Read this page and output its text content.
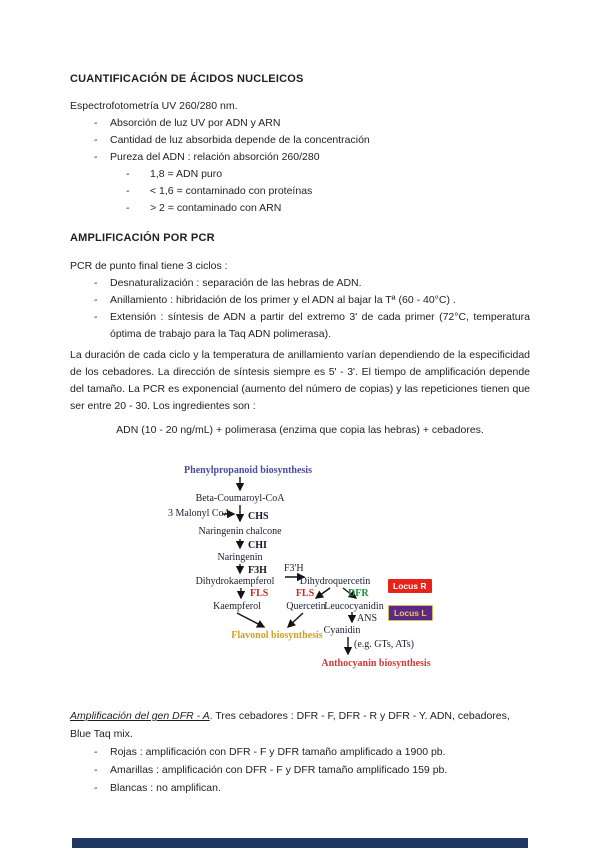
CUANTIFICACIÓN DE ÁCIDOS NUCLEICOS
Espectrofotometría UV 260/280 nm.
-	Absorción de luz UV por ADN y ARN
-	Cantidad de luz absorbida depende de la concentración
-	Pureza del ADN : relación absorción 260/280
-	1,8 = ADN puro
-	< 1,6 = contaminado con proteínas
-	> 2 = contaminado con ARN
AMPLIFICACIÓN POR PCR
PCR de punto final tiene 3 ciclos :
-	Desnaturalización : separación de las hebras de ADN.
-	Anillamiento : hibridación de los primer y el ADN al bajar la Tª (60 - 40°C) .
-	Extensión : síntesis de ADN a partir del extremo 3' de cada primer (72°C, temperatura óptima de trabajo para la Taq ADN polimerasa).
La duración de cada ciclo y la temperatura de anillamiento varían dependiendo de la especificidad de los cebadores. La dirección de síntesis siempre es 5' - 3'. El tiempo de amplificación depende del tamaño. La PCR es exponencial (aumento del número de copias) y las repeticiones tienen que ser entre 20 - 30. Los ingredientes son :
ADN (10 - 20 ng/mL) + polimerasa (enzima que copia las hebras) + cebadores.
Phenylpropanoid biosynthesis
Beta-Coumaroyl-CoA
3 Malonyl CoA CHS
Naringenin chalcone
CHI
Naringenin
F3H F3'H
Dihydrokaempferol	Dihydroquercetin
FLS	FLS	DFR
Kaempferol	Quercetin
Leucocyanidin
ANS
Cyanidin
Flavonol biosynthesis
(e.g. GTs, ATs)
Anthocyanin biosynthesis
Locus R
Locus L
Amplificación del gen DFR - A. Tres cebadores : DFR - F, DFR - R y DFR - Y. ADN, cebadores, Blue Taq mix.
-	Rojas : amplificación con DFR - F y DFR tamaño amplificado a 1900 pb.
-	Amarillas : amplificación con DFR - F y DFR tamaño amplificado 159 pb.
-	Blancas : no amplifican.
